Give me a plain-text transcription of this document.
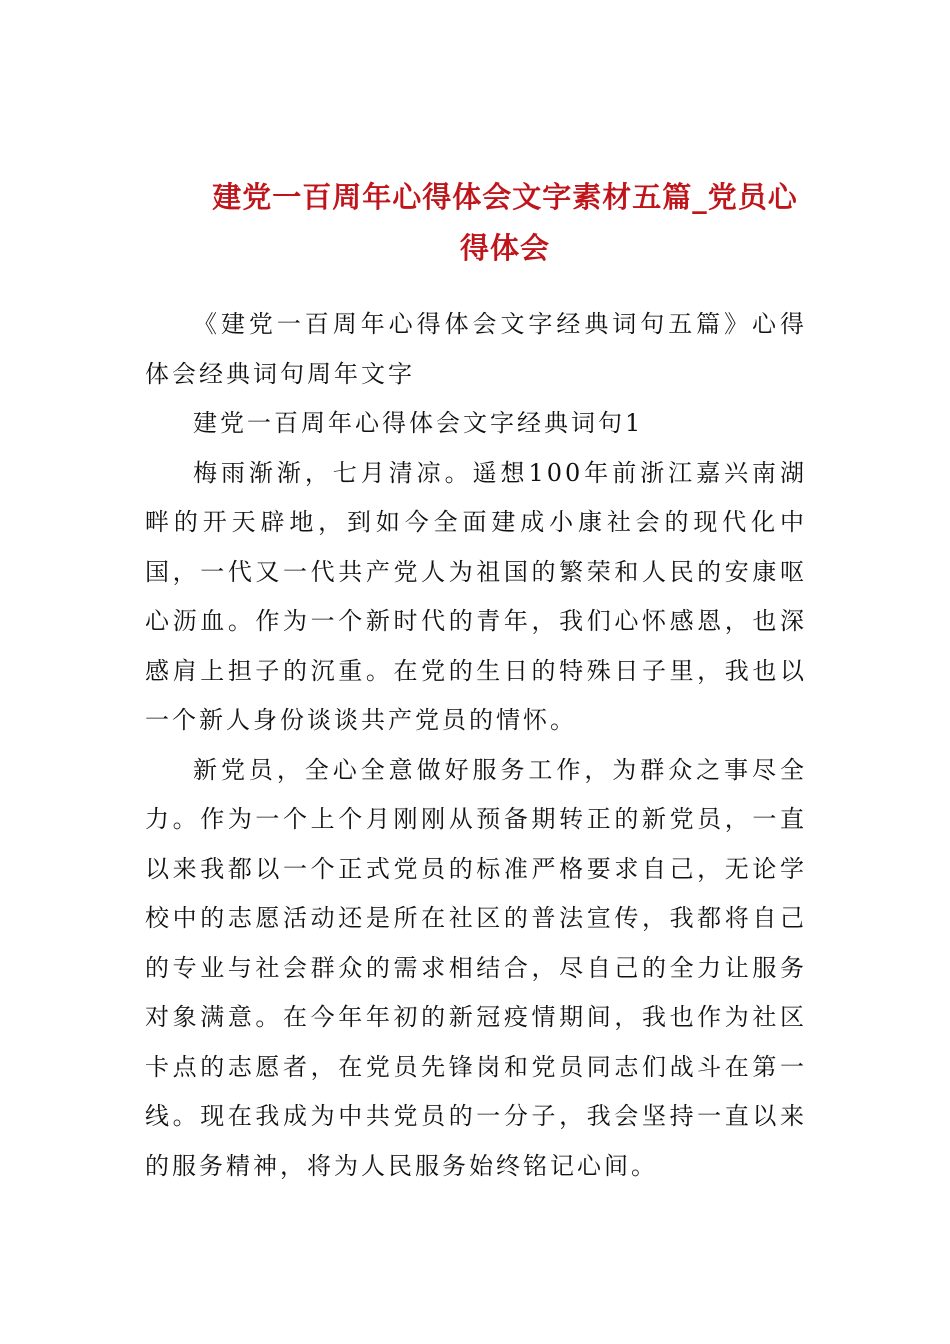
建党一百周年心得体会文字素材五篇_党员心得体会

《建党一百周年心得体会文字经典词句五篇》心得体会经典词句周年文字

建党一百周年心得体会文字经典词句1

梅雨渐渐，七月清凉。遥想100年前浙江嘉兴南湖畔的开天辟地，到如今全面建成小康社会的现代化中国，一代又一代共产党人为祖国的繁荣和人民的安康呕心沥血。作为一个新时代的青年，我们心怀感恩，也深感肩上担子的沉重。在党的生日的特殊日子里，我也以一个新人身份谈谈共产党员的情怀。

新党员，全心全意做好服务工作，为群众之事尽全力。作为一个上个月刚刚从预备期转正的新党员，一直以来我都以一个正式党员的标准严格要求自己，无论学校中的志愿活动还是所在社区的普法宣传，我都将自己的专业与社会群众的需求相结合，尽自己的全力让服务对象满意。在今年年初的新冠疫情期间，我也作为社区卡点的志愿者，在党员先锋岗和党员同志们战斗在第一线。现在我成为中共党员的一分子，我会坚持一直以来的服务精神，将为人民服务始终铭记心间。
